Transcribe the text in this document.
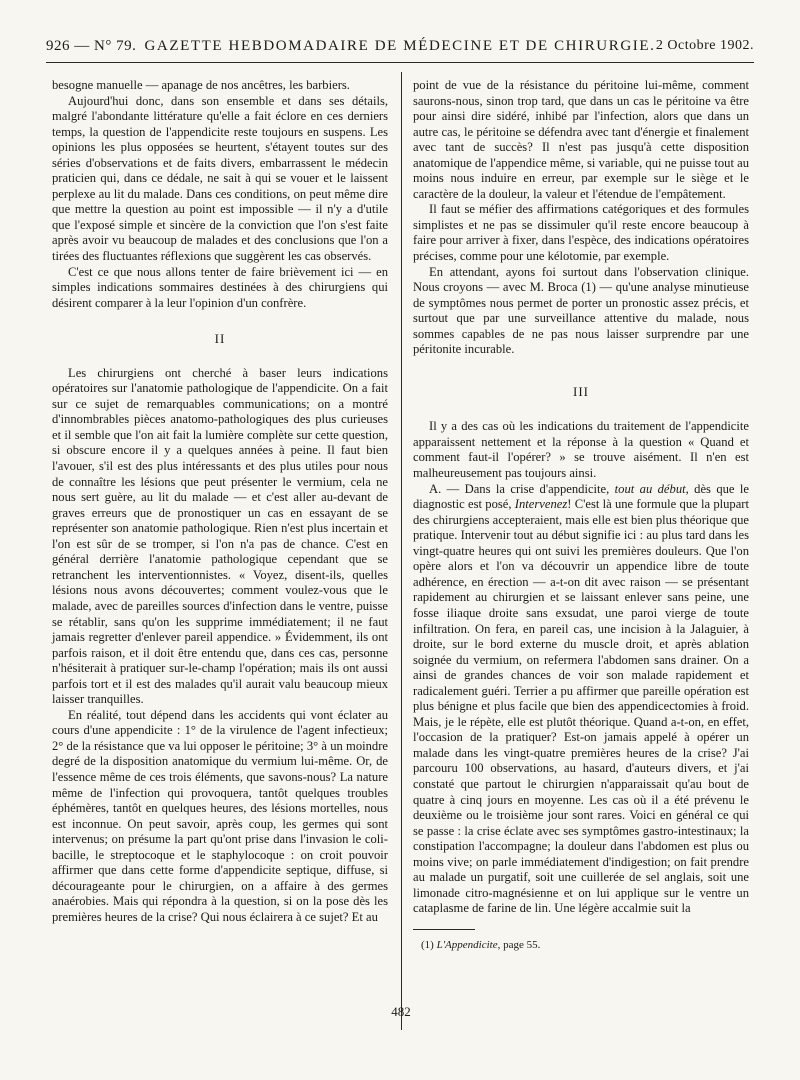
926 — N° 79. GAZETTE HEBDOMADAIRE DE MÉDECINE ET DE CHIRURGIE. 2 Octobre 1902.

besogne manuelle — apanage de nos ancêtres, les barbiers.

Aujourd'hui donc, dans son ensemble et dans ses détails, malgré l'abondante littérature qu'elle a fait éclore en ces derniers temps, la question de l'appendicite reste toujours en suspens. Les opinions les plus opposées se heurtent, s'étayent toutes sur des séries d'observations et de faits divers, embarrassent le médecin praticien qui, dans ce dédale, ne sait à qui se vouer et le laissent perplexe au lit du malade. Dans ces conditions, on peut même dire que mettre la question au point est impossible — il n'y a d'utile que l'exposé simple et sincère de la conviction que l'on s'est faite après avoir vu beaucoup de malades et des conclusions que l'on a tirées des fluctuantes réflexions que suggèrent les cas observés.

C'est ce que nous allons tenter de faire brièvement ici — en simples indications sommaires destinées à des chirurgiens qui désirent comparer à la leur l'opinion d'un confrère.

II

Les chirurgiens ont cherché à baser leurs indications opératoires sur l'anatomie pathologique de l'appendicite. On a fait sur ce sujet de remarquables communications; on a montré d'innombrables pièces anatomo-pathologiques des plus curieuses et il semble que l'on ait fait la lumière complète sur cette question, si obscure encore il y a quelques années à peine. Il faut bien l'avouer, s'il est des plus intéressants et des plus utiles pour nous de connaître les lésions que peut présenter le vermium, cela ne nous sert guère, au lit du malade — et c'est aller au-devant de graves erreurs que de pronostiquer un cas en essayant de se représenter son anatomie pathologique. Rien n'est plus incertain et l'on est sûr de se tromper, si l'on n'a pas de chance. C'est en général derrière l'anatomie pathologique cependant que se retranchent les interventionnistes. « Voyez, disent-ils, quelles lésions nous avons découvertes; comment voulez-vous que le malade, avec de pareilles sources d'infection dans le ventre, puisse se rétablir, sans qu'on les supprime immédiatement; il ne faut jamais regretter d'enlever pareil appendice. » Évidemment, ils ont parfois raison, et il doit être entendu que, dans ces cas, personne n'hésiterait à pratiquer sur-le-champ l'opération; mais ils ont aussi parfois tort et il est des malades qu'il aurait valu beaucoup mieux laisser tranquilles.

En réalité, tout dépend dans les accidents qui vont éclater au cours d'une appendicite : 1° de la virulence de l'agent infectieux; 2° de la résistance que va lui opposer le péritoine; 3° à un moindre degré de la disposition anatomique du vermium lui-même. Or, de l'essence même de ces trois éléments, que savons-nous? La nature même de l'infection qui provoquera, tantôt quelques troubles éphémères, tantôt en quelques heures, des lésions mortelles, nous est inconnue. On peut savoir, après coup, les germes qui sont intervenus; on présume la part qu'ont prise dans l'invasion le coli-bacille, le streptocoque et le staphylocoque : on croit pouvoir affirmer que dans cette forme d'appendicite septique, diffuse, si décourageante pour le chirurgien, on a affaire à des germes anaérobies. Mais qui répondra à la question, si on la pose dès les premières heures de la crise? Qui nous éclairera à ce sujet? Et au

point de vue de la résistance du péritoine lui-même, comment saurons-nous, sinon trop tard, que dans un cas le péritoine va être pour ainsi dire sidéré, inhibé par l'infection, alors que dans un autre cas, le péritoine se défendra avec tant d'énergie et finalement avec tant de succès? Il n'est pas jusqu'à cette disposition anatomique de l'appendice même, si variable, qui ne puisse tout au moins nous induire en erreur, par exemple sur le siège et le caractère de la douleur, la valeur et l'étendue de l'empâtement.

Il faut se méfier des affirmations catégoriques et des formules simplistes et ne pas se dissimuler qu'il reste encore beaucoup à faire pour arriver à fixer, dans l'espèce, des indications opératoires précises, comme pour une kélotomie, par exemple.

En attendant, ayons foi surtout dans l'observation clinique. Nous croyons — avec M. Broca (1) — qu'une analyse minutieuse de symptômes nous permet de porter un pronostic assez précis, et surtout que par une surveillance attentive du malade, nous sommes capables de ne pas nous laisser surprendre par une péritonite incurable.

III

Il y a des cas où les indications du traitement de l'appendicite apparaissent nettement et la réponse à la question « Quand et comment faut-il l'opérer? » se trouve aisément. Il n'en est malheureusement pas toujours ainsi.

A. — Dans la crise d'appendicite, tout au début, dès que le diagnostic est posé, Intervenez! C'est là une formule que la plupart des chirurgiens accepteraient, mais elle est bien plus théorique que pratique. Intervenir tout au début signifie ici : au plus tard dans les vingt-quatre heures qui ont suivi les premières douleurs. Que l'on opère alors et l'on va découvrir un appendice libre de toute adhérence, en érection — a-t-on dit avec raison — se présentant rapidement au chirurgien et se laissant enlever sans peine, une fosse iliaque droite sans exsudat, une paroi vierge de toute infiltration. On fera, en pareil cas, une incision à la Jalaguier, à droite, sur le bord externe du muscle droit, et après ablation soignée du vermium, on refermera l'abdomen sans drainer. On a ainsi de grandes chances de voir son malade rapidement et radicalement guéri. Terrier a pu affirmer que pareille opération est plus bénigne et plus facile que bien des appendicectomies à froid. Mais, je le répète, elle est plutôt théorique. Quand a-t-on, en effet, l'occasion de la pratiquer? Est-on jamais appelé à opérer un malade dans les vingt-quatre premières heures de la crise? J'ai parcouru 100 observations, au hasard, d'auteurs divers, et j'ai constaté que partout le chirurgien n'apparaissait qu'au bout de quatre à cinq jours en moyenne. Les cas où il a été prévenu le deuxième ou le troisième jour sont rares. Voici en général ce qui se passe : la crise éclate avec ses symptômes gastro-intestinaux; la constipation l'accompagne; la douleur dans l'abdomen est plus ou moins vive; on parle immédiatement d'indigestion; on fait prendre au malade un purgatif, soit une cuillerée de sel anglais, soit une limonade citro-magnésienne et on lui applique sur le ventre un cataplasme de farine de lin. Une légère accalmie suit la

(1) L'Appendicite, page 55.

482
